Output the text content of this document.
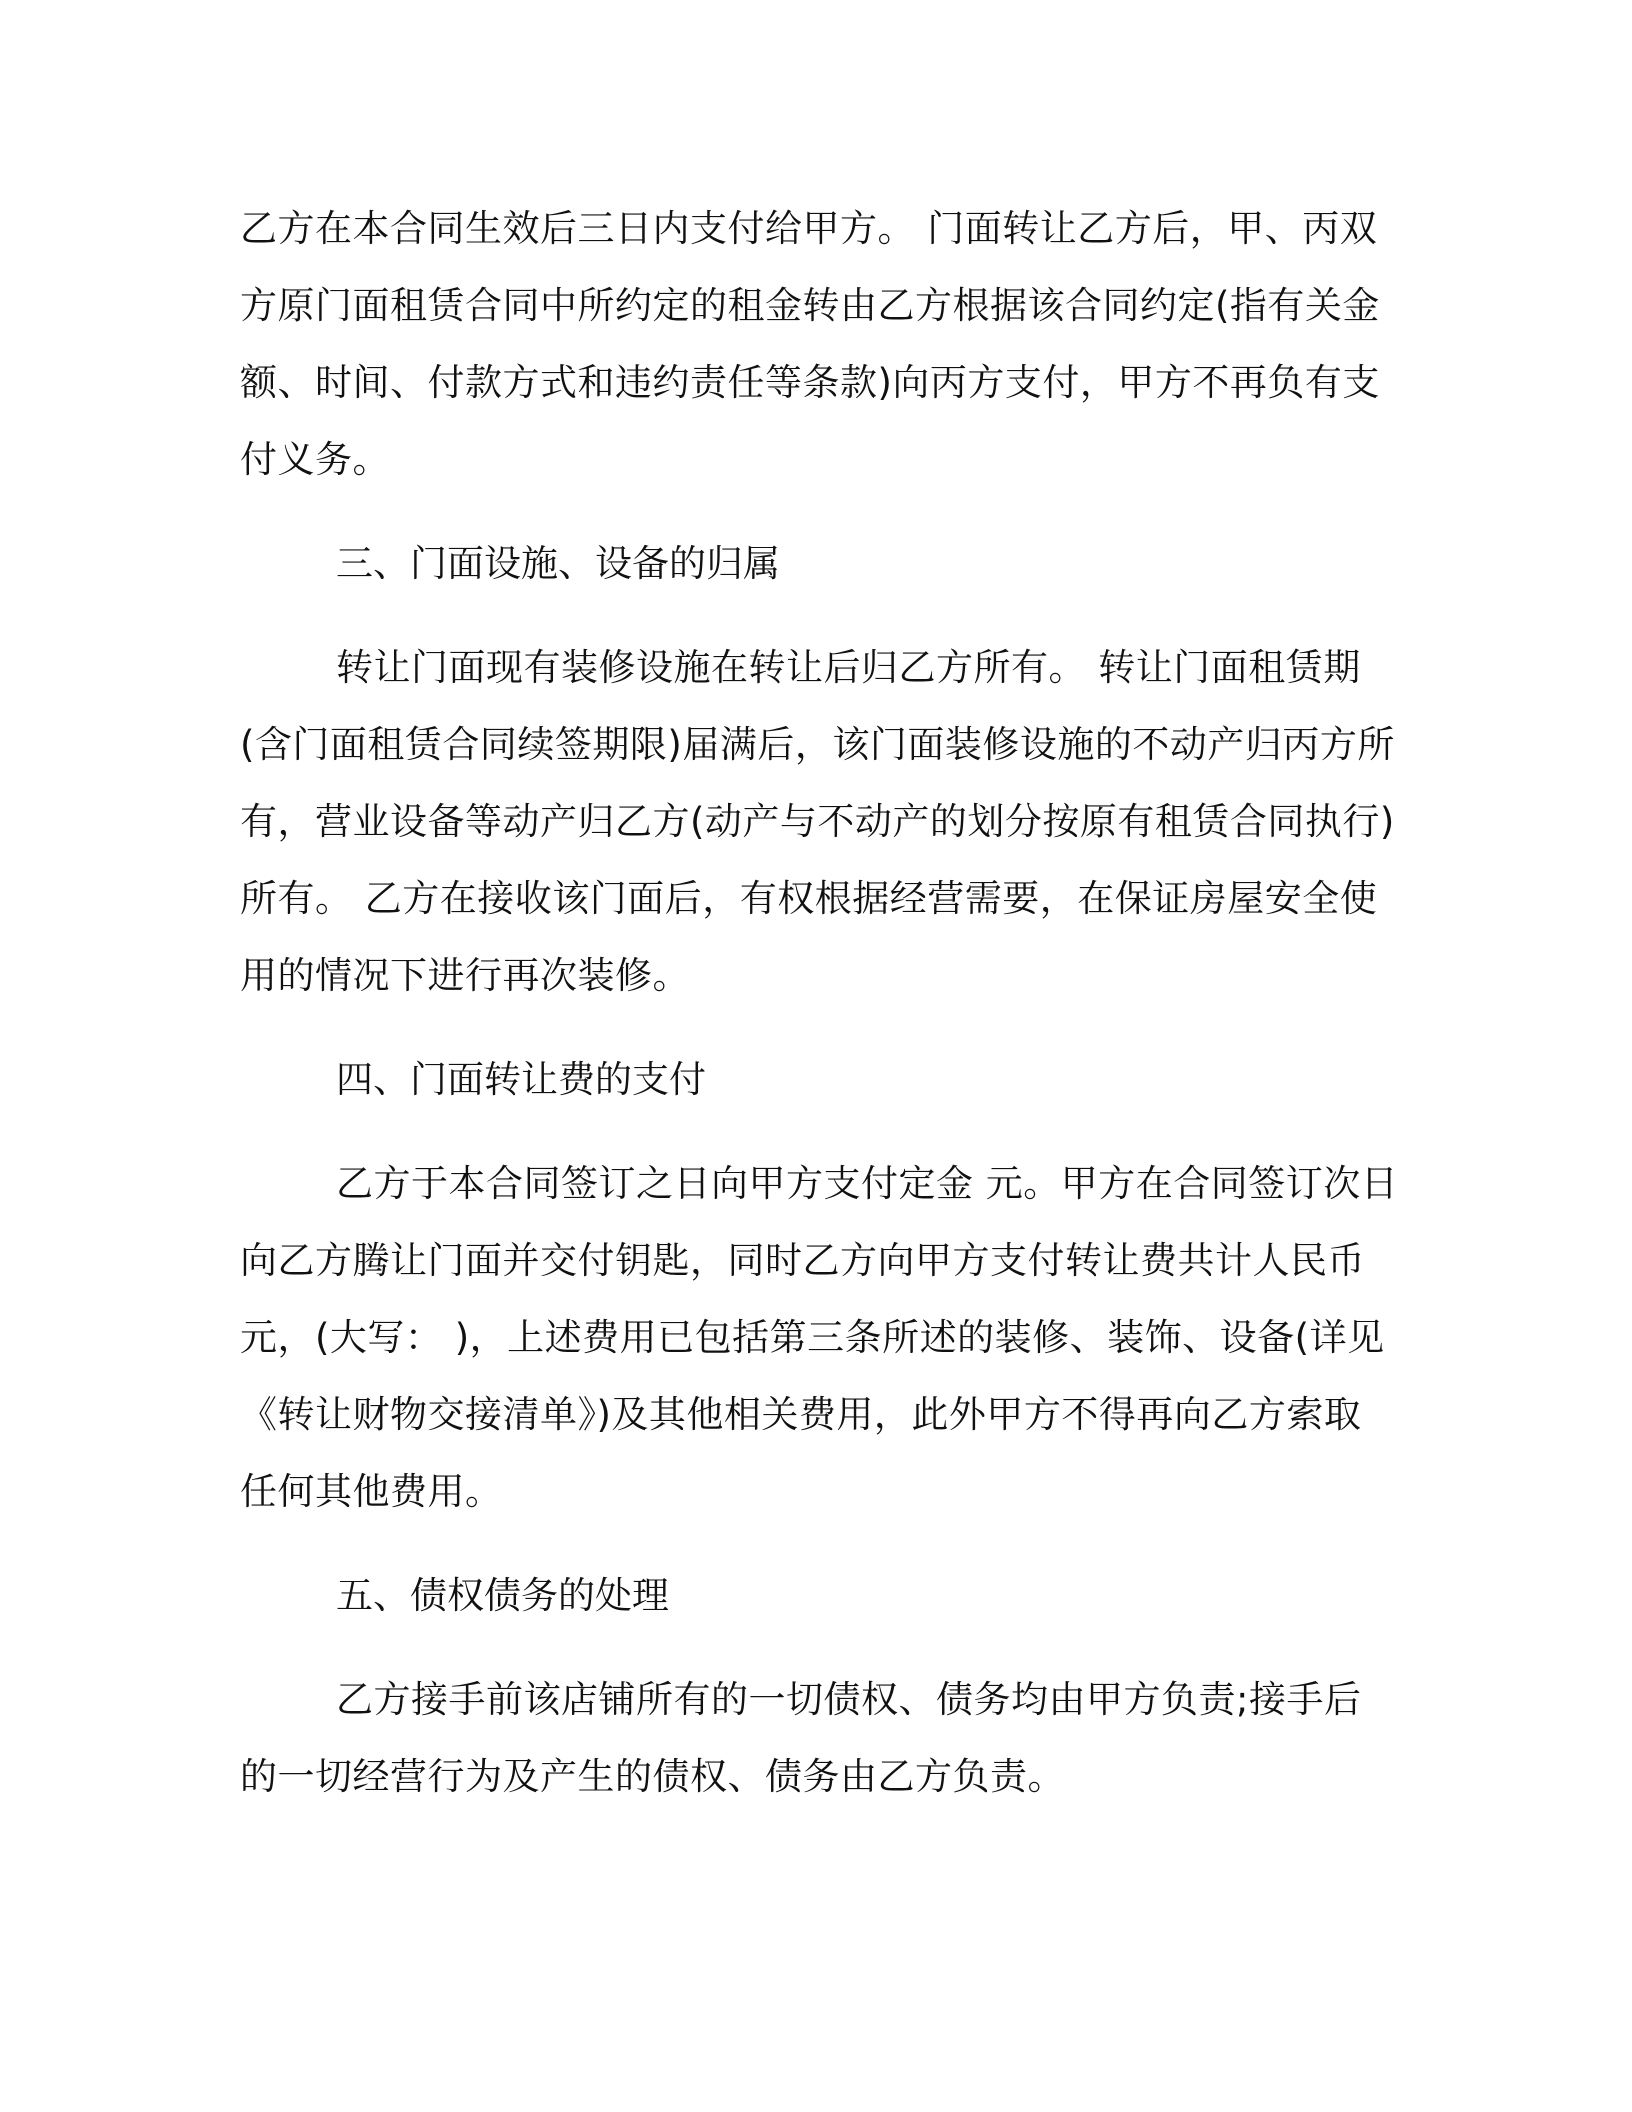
乙方在本合同生效后三日内支付给甲方。 门面转让乙方后，甲、丙双
方原门面租赁合同中所约定的租金转由乙方根据该合同约定(指有关金
额、时间、付款方式和违约责任等条款)向丙方支付，甲方不再负有支
付义务。
三、门面设施、设备的归属
转让门面现有装修设施在转让后归乙方所有。 转让门面租赁期
(含门面租赁合同续签期限)届满后，该门面装修设施的不动产归丙方所
有，营业设备等动产归乙方(动产与不动产的划分按原有租赁合同执行)
所有。 乙方在接收该门面后，有权根据经营需要，在保证房屋安全使
用的情况下进行再次装修。
四、门面转让费的支付
乙方于本合同签订之日向甲方支付定金 元。甲方在合同签订次日
向乙方腾让门面并交付钥匙，同时乙方向甲方支付转让费共计人民币
元，(大写： )，上述费用已包括第三条所述的装修、装饰、设备(详见
《转让财物交接清单》)及其他相关费用，此外甲方不得再向乙方索取
任何其他费用。
五、债权债务的处理
乙方接手前该店铺所有的一切债权、债务均由甲方负责;接手后
的一切经营行为及产生的债权、债务由乙方负责。
